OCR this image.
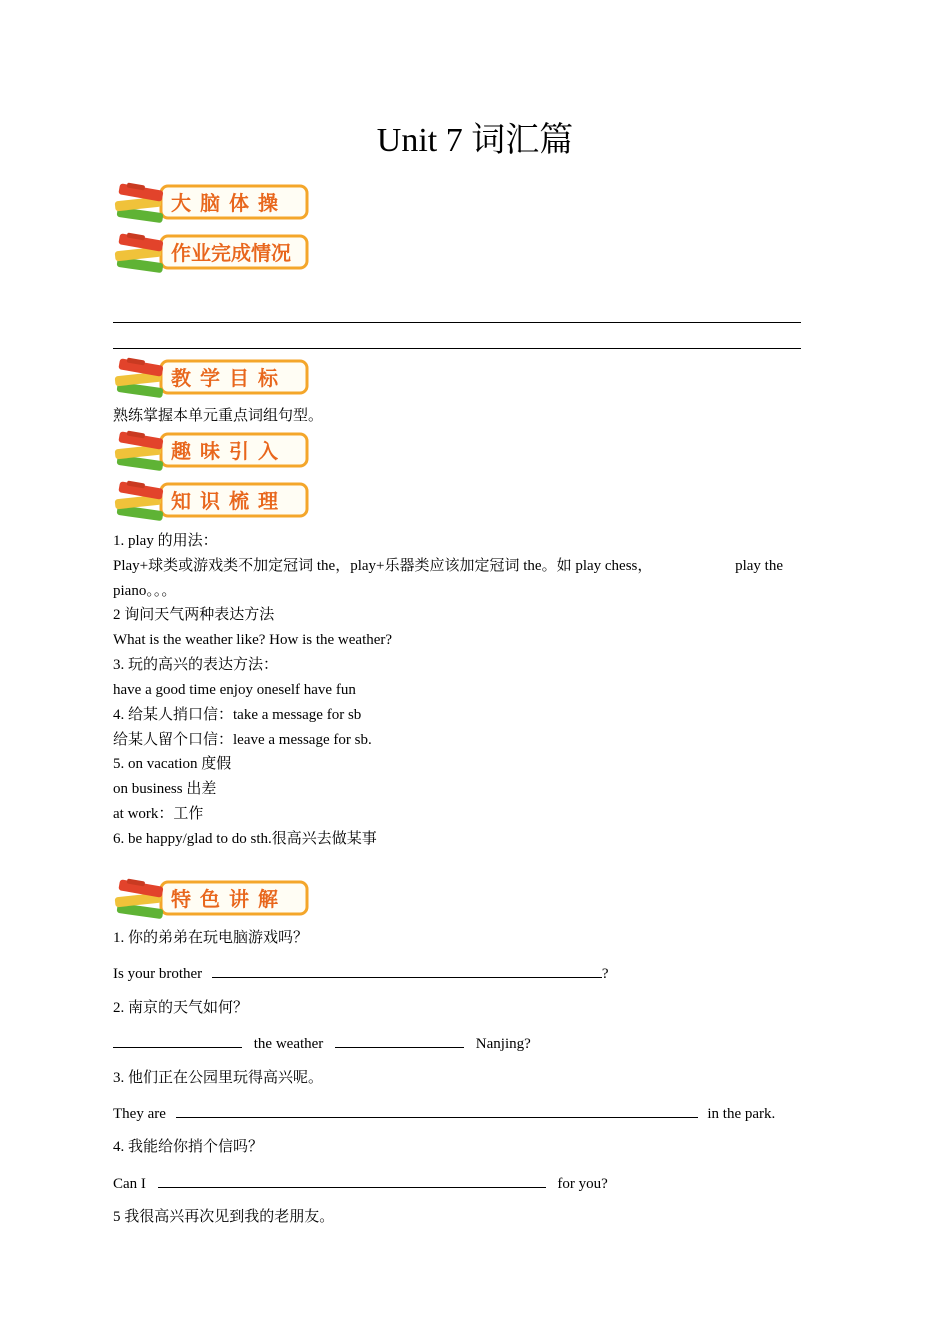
Unit 7 词汇篇
大脑体操
作业完成情况
教学目标
熟练掌握本单元重点词组句型。
趣味引入
知识梳理
1. play 的用法：
Play+球类或游戏类不加定冠词 the，play+乐器类应该加定冠词 the。如 play chess，	play the
piano。。。
2 询问天气两种表达方法
What is the weather like? How is the weather?
3. 玩的高兴的表达方法：
have a good time enjoy oneself have fun
4. 给某人捎口信：take a message for sb
给某人留个口信：leave a message for sb.
5. on vacation 度假
on business 出差
at work：工作
6. be happy/glad to do sth.很高兴去做某事
特色讲解
1. 你的弟弟在玩电脑游戏吗？
Is your brother	?
2. 南京的天气如何？
the weather	Nanjing?
3. 他们正在公园里玩得高兴呢。
They are	in the park.
4. 我能给你捎个信吗？
Can I	for you?
5 我很高兴再次见到我的老朋友。
